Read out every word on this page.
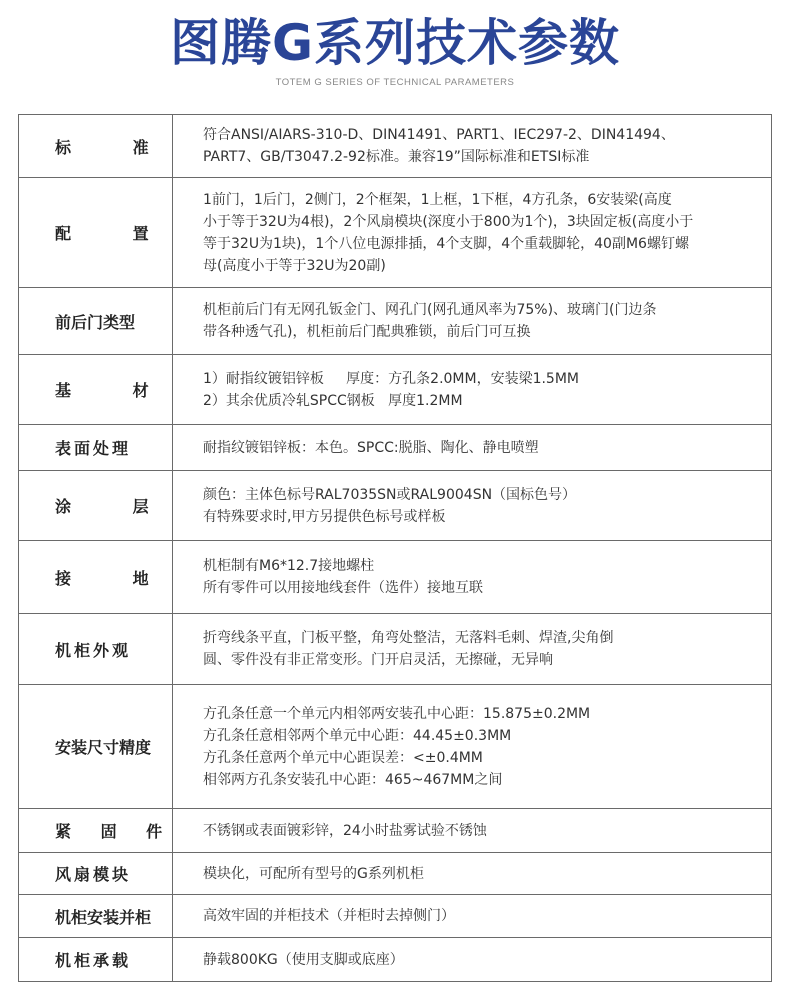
图腾G系列技术参数
TOTEM G SERIES OF TECHNICAL PARAMETERS
标 准	符合ANSI/AIARS-310-D、DIN41491、PART1、IEC297-2、DIN41494、
PART7、GB/T3047.2-92标准。兼容19”国际标准和ETSI标准

配 置	1前门，1后门，2侧门，2个框架，1上框，1下框，4方孔条，6安装梁(高度
小于等于32U为4根)，2个风扇模块(深度小于800为1个)，3块固定板(高度小于
等于32U为1块)，1个八位电源排插，4个支脚，4个重载脚轮，40副M6螺钉螺
母(高度小于等于32U为20副)

前后门类型	机柜前后门有无网孔钣金门、网孔门(网孔通风率为75%)、玻璃门(门边条
带各种透气孔)，机柜前后门配典雅锁，前后门可互换

基 材	1）耐指纹镀铝锌板     厚度：方孔条2.0MM，安装梁1.5MM
2）其余优质冷轧SPCC钢板   厚度1.2MM

表面处理	耐指纹镀铝锌板：本色。SPCC:脱脂、陶化、静电喷塑

涂 层	颜色：主体色标号RAL7035SN或RAL9004SN（国标色号）
有特殊要求时,甲方另提供色标号或样板

接 地	机柜制有M6*12.7接地螺柱
所有零件可以用接地线套件（选件）接地互联

机柜外观	折弯线条平直，门板平整，角弯处整洁，无落料毛刺、焊渣,尖角倒
圆、零件没有非正常变形。门开启灵活，无擦碰，无异响

安装尺寸精度	方孔条任意一个单元内相邻两安装孔中心距：15.875±0.2MM
方孔条任意相邻两个单元中心距：44.45±0.3MM
方孔条任意两个单元中心距误差：<±0.4MM
相邻两方孔条安装孔中心距：465~467MM之间

紧 固 件	不锈钢或表面镀彩锌，24小时盐雾试验不锈蚀

风扇模块	模块化，可配所有型号的G系列机柜

机柜安装并柜	高效牢固的并柜技术（并柜时去掉侧门）

机柜承载	静载800KG（使用支脚或底座）
